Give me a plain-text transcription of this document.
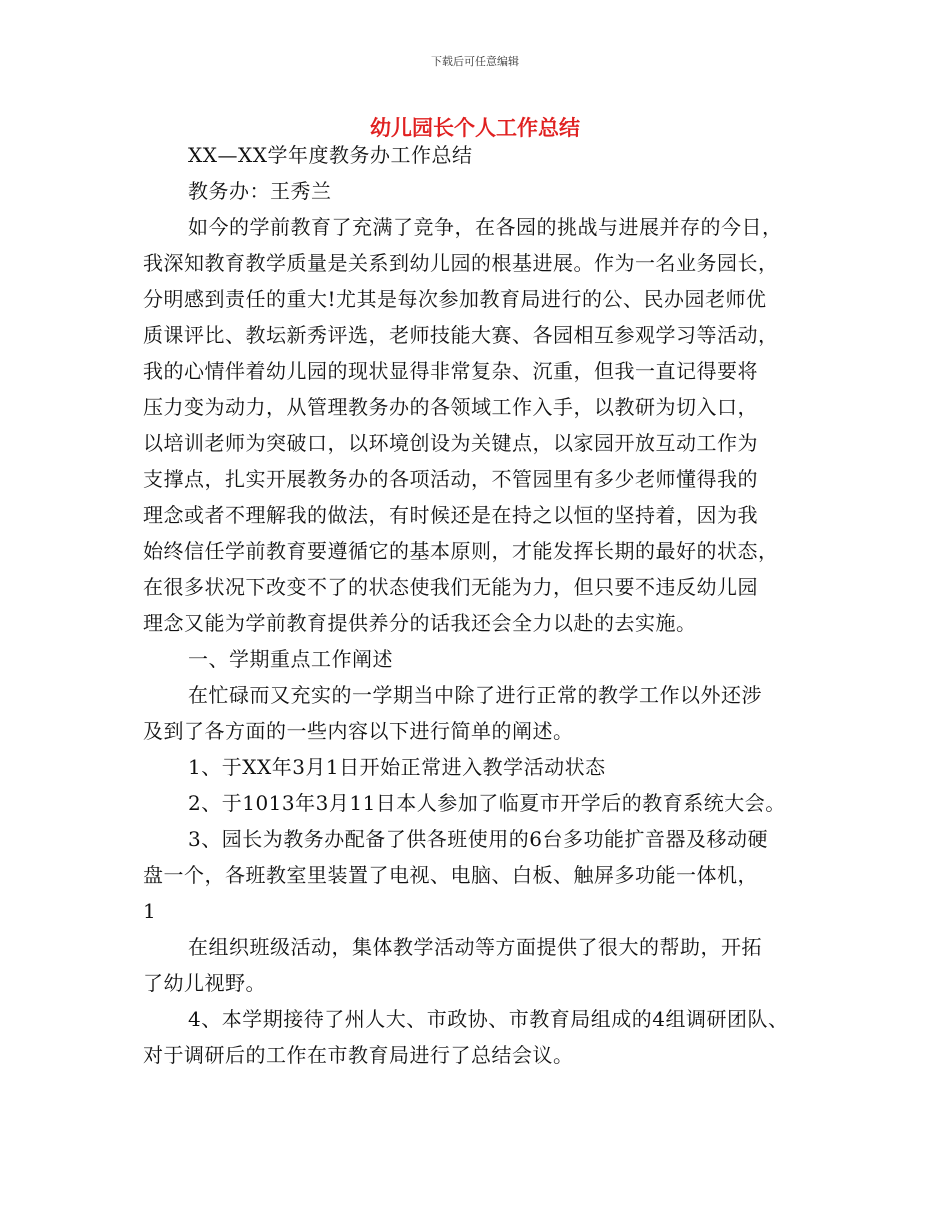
下载后可任意编辑
幼儿园长个人工作总结
XX—XX学年度教务办工作总结
教务办：王秀兰
如今的学前教育了充满了竞争，在各园的挑战与进展并存的今日，
我深知教育教学质量是关系到幼儿园的根基进展。作为一名业务园长，
分明感到责任的重大!尤其是每次参加教育局进行的公、民办园老师优
质课评比、教坛新秀评选，老师技能大赛、各园相互参观学习等活动，
我的心情伴着幼儿园的现状显得非常复杂、沉重，但我一直记得要将
压力变为动力，从管理教务办的各领域工作入手，以教研为切入口，
以培训老师为突破口，以环境创设为关键点，以家园开放互动工作为
支撑点，扎实开展教务办的各项活动，不管园里有多少老师懂得我的
理念或者不理解我的做法，有时候还是在持之以恒的坚持着，因为我
始终信任学前教育要遵循它的基本原则，才能发挥长期的最好的状态，
在很多状况下改变不了的状态使我们无能为力，但只要不违反幼儿园
理念又能为学前教育提供养分的话我还会全力以赴的去实施。
一、学期重点工作阐述
在忙碌而又充实的一学期当中除了进行正常的教学工作以外还涉
及到了各方面的一些内容以下进行简单的阐述。
1、于XX年3月1日开始正常进入教学活动状态
2、于1013年3月11日本人参加了临夏市开学后的教育系统大会。
3、园长为教务办配备了供各班使用的6台多功能扩音器及移动硬
盘一个，各班教室里装置了电视、电脑、白板、触屏多功能一体机，
1
在组织班级活动，集体教学活动等方面提供了很大的帮助，开拓
了幼儿视野。
4、本学期接待了州人大、市政协、市教育局组成的4组调研团队、
对于调研后的工作在市教育局进行了总结会议。
